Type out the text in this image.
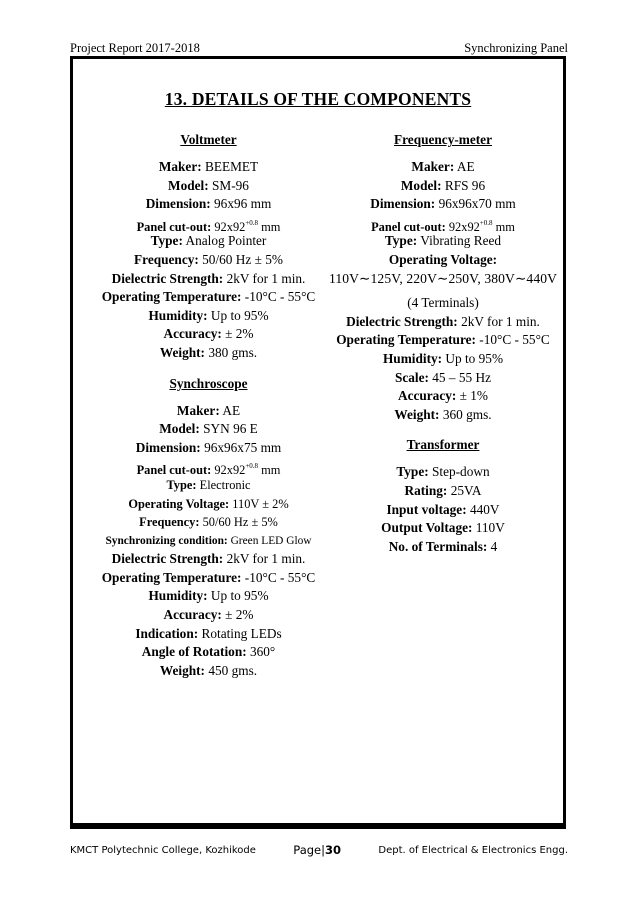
Project Report 2017-2018	Synchronizing Panel
13. DETAILS OF THE COMPONENTS
Voltmeter
Maker: BEEMET
Model: SM-96
Dimension: 96x96 mm
Panel cut-out: $92x92^{+0.8}$ mm
Type: Analog Pointer
Frequency: 50/60 Hz ± 5%
Dielectric Strength: 2kV for 1 min.
Operating Temperature: -10°C - 55°C
Humidity: Up to 95%
Accuracy: ± 2%
Weight: 380 gms.
Synchroscope
Maker: AE
Model: SYN 96 E
Dimension: 96x96x75 mm
Panel cut-out: $92x92^{+0.8}$ mm
Type: Electronic
Operating Voltage: 110V ± 2%
Frequency: 50/60 Hz ± 5%
Synchronizing condition: Green LED Glow
Dielectric Strength: 2kV for 1 min.
Operating Temperature: -10°C - 55°C
Humidity: Up to 95%
Accuracy: ± 2%
Indication: Rotating LEDs
Angle of Rotation: 360°
Weight: 450 gms.
Frequency-meter
Maker: AE
Model: RFS 96
Dimension: 96x96x70 mm
Panel cut-out: $92x92^{+0.8}$ mm
Type: Vibrating Reed
Operating Voltage:
110V∼125V, 220V∼250V, 380V∼440V
(4 Terminals)
Dielectric Strength: 2kV for 1 min.
Operating Temperature: -10°C - 55°C
Humidity: Up to 95%
Scale: 45 – 55 Hz
Accuracy: ± 1%
Weight: 360 gms.
Transformer
Type: Step-down
Rating: 25VA
Input voltage: 440V
Output Voltage: 110V
No. of Terminals: 4
KMCT Polytechnic College, Kozhikode	Page|30	Dept. of Electrical & Electronics Engg.
